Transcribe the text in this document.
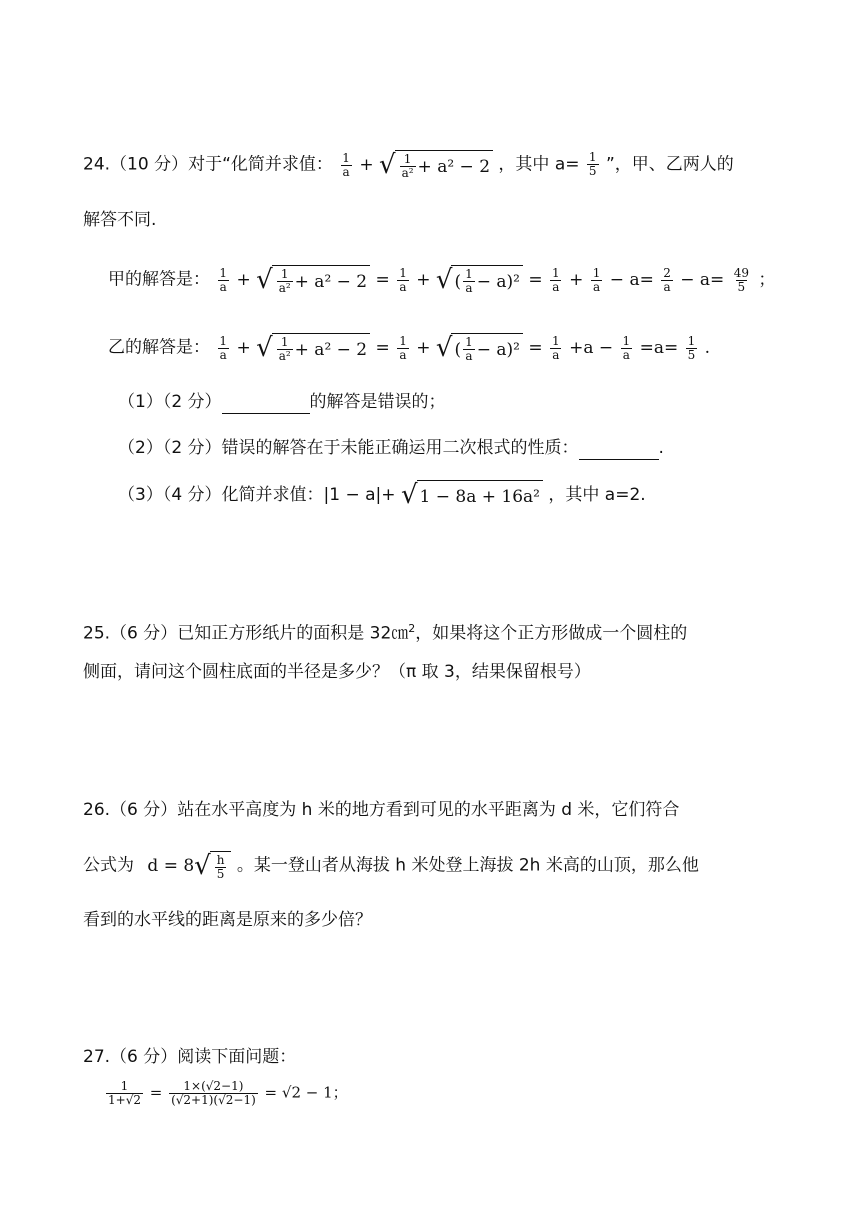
24.（10 分）对于“化简并求值： $\frac{1}{a}$ + √ $\frac{1}{\text{a²}} + a^2 - 2$ ，其中 $a= \frac{1}{5}$ ”，甲、乙两人的
解答不同.
甲的解答是： $\frac{1}{a}$ + √ $\frac{1}{\text{a²}} + a^2 - 2 = \frac{1}{a}$ + √ ( $\frac{1}{a} - a)^2 = \frac{1}{a} + \frac{1}{a} - a= \frac{2}{a} - a= \frac{49}{5}$ ；
乙的解答是： $\frac{1}{a}$ + √ $\frac{1}{\text{a²}} + a^2 - 2 = \frac{1}{a}$ + √ ( $\frac{1}{a} - a)^2 = \frac{1}{a} +a - \frac{1}{a} =a= \frac{1}{5}$ .
（1）（2 分）	的解答是错误的；
（2）（2 分）错误的解答在于未能正确运用二次根式的性质：	.
（3）（4 分）化简并求值：|1 − a|+ √ 1 − 8a + 16a² ，其中 a=2.
25.（6 分）已知正方形纸片的面积是 32㎝$^2$，如果将这个正方形做成一个圆柱的
侧面，请问这个圆柱底面的半径是多少？（π 取 3，结果保留根号）
26.（6 分）站在水平高度为 h 米的地方看到可见的水平距离为 d 米，它们符合
公式为 d = 8 √ $\frac{h}{5}$ 。某一登山者从海拔 h 米处登上海拔 2h 米高的山顶，那么他
看到的水平线的距离是原来的多少倍？
27.（6 分）阅读下面问题：
$\frac{1}{1+√2} = \frac{1\times(√2-1)}{(√2+1)(√2-1)} = √2 - 1$；
